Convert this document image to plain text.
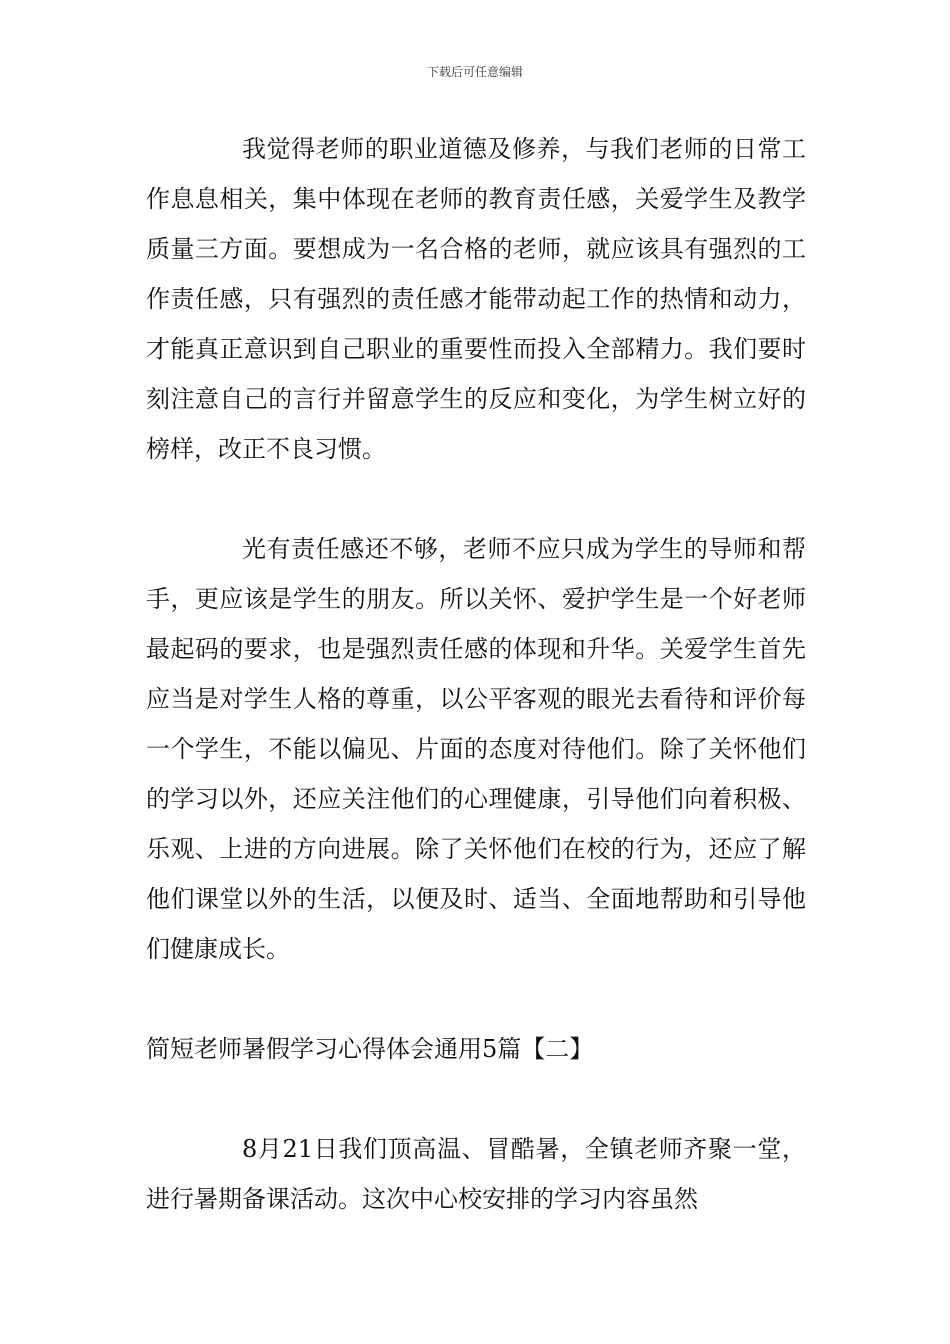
下载后可任意编辑

我觉得老师的职业道德及修养，与我们老师的日常工作息息相关，集中体现在老师的教育责任感，关爱学生及教学质量三方面。要想成为一名合格的老师，就应该具有强烈的工作责任感，只有强烈的责任感才能带动起工作的热情和动力，才能真正意识到自己职业的重要性而投入全部精力。我们要时刻注意自己的言行并留意学生的反应和变化，为学生树立好的榜样，改正不良习惯。

光有责任感还不够，老师不应只成为学生的导师和帮手，更应该是学生的朋友。所以关怀、爱护学生是一个好老师最起码的要求，也是强烈责任感的体现和升华。关爱学生首先应当是对学生人格的尊重，以公平客观的眼光去看待和评价每一个学生，不能以偏见、片面的态度对待他们。除了关怀他们的学习以外，还应关注他们的心理健康，引导他们向着积极、乐观、上进的方向进展。除了关怀他们在校的行为，还应了解他们课堂以外的生活，以便及时、适当、全面地帮助和引导他们健康成长。

简短老师暑假学习心得体会通用5篇【二】

8月21日我们顶高温、冒酷暑，全镇老师齐聚一堂，进行暑期备课活动。这次中心校安排的学习内容虽然
